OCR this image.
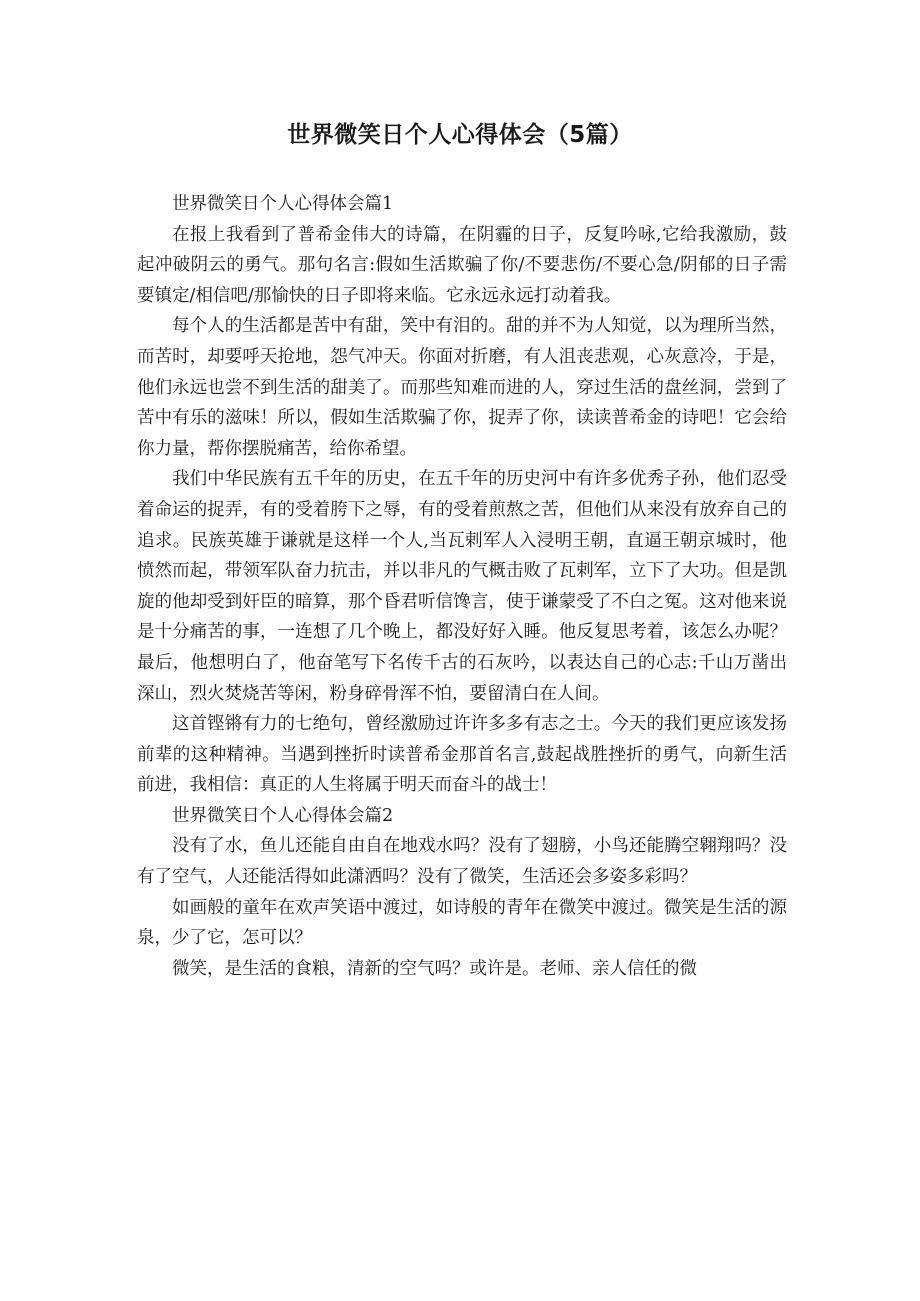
世界微笑日个人心得体会（5篇）

世界微笑日个人心得体会篇1

在报上我看到了普希金伟大的诗篇，在阴霾的日子，反复吟咏,它给我激励，鼓起冲破阴云的勇气。那句名言:假如生活欺骗了你/不要悲伤/不要心急/阴郁的日子需要镇定/相信吧/那愉快的日子即将来临。它永远永远打动着我。

每个人的生活都是苦中有甜，笑中有泪的。甜的并不为人知觉，以为理所当然，而苦时，却要呼天抢地，怨气冲天。你面对折磨，有人沮丧悲观，心灰意冷，于是，他们永远也尝不到生活的甜美了。而那些知难而进的人，穿过生活的盘丝洞，尝到了苦中有乐的滋味！所以，假如生活欺骗了你，捉弄了你，读读普希金的诗吧！它会给你力量，帮你摆脱痛苦，给你希望。

我们中华民族有五千年的历史，在五千年的历史河中有许多优秀子孙，他们忍受着命运的捉弄，有的受着胯下之辱，有的受着煎熬之苦，但他们从来没有放弃自己的追求。民族英雄于谦就是这样一个人,当瓦剌军人入浸明王朝，直逼王朝京城时，他愤然而起，带领军队奋力抗击，并以非凡的气概击败了瓦剌军，立下了大功。但是凯旋的他却受到奸臣的暗算，那个昏君听信馋言，使于谦蒙受了不白之冤。这对他来说是十分痛苦的事，一连想了几个晚上，都没好好入睡。他反复思考着，该怎么办呢？最后，他想明白了，他奋笔写下名传千古的石灰吟，以表达自己的心志:千山万凿出深山，烈火焚烧苦等闲，粉身碎骨浑不怕，要留清白在人间。

这首铿锵有力的七绝句，曾经激励过许许多多有志之士。今天的我们更应该发扬前辈的这种精神。当遇到挫折时读普希金那首名言,鼓起战胜挫折的勇气，向新生活前进，我相信：真正的人生将属于明天而奋斗的战士！

世界微笑日个人心得体会篇2

没有了水，鱼儿还能自由自在地戏水吗？没有了翅膀，小鸟还能腾空翱翔吗？没有了空气，人还能活得如此潇洒吗？没有了微笑，生活还会多姿多彩吗？

如画般的童年在欢声笑语中渡过，如诗般的青年在微笑中渡过。微笑是生活的源泉，少了它，怎可以？

微笑，是生活的食粮，清新的空气吗？或许是。老师、亲人信任的微
